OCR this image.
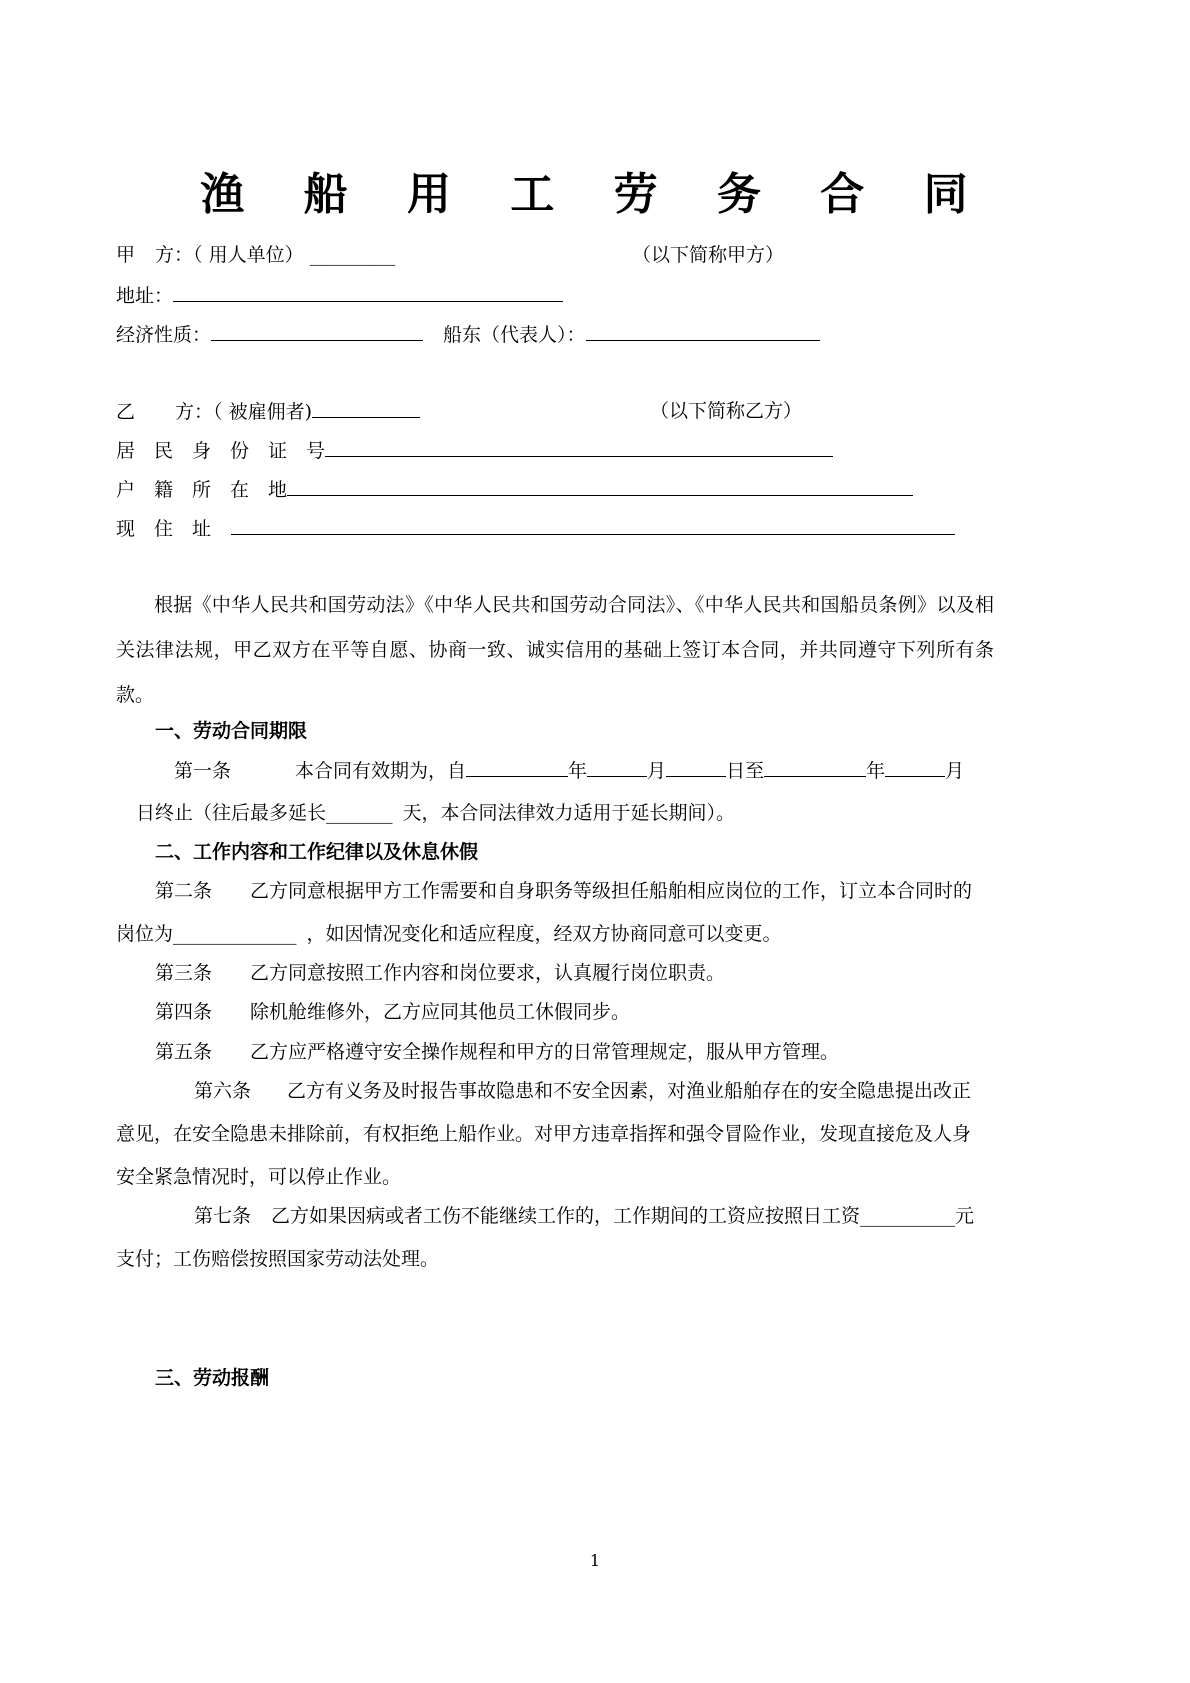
渔 船 用 工 劳 务 合 同
甲 方：（ 用人单位） _________	（以下简称甲方）
地址：
经济性质：	船东（代表人）：
乙 方：（ 被雇佣者)	（以下简称乙方）
居　民　身　份　证　号
户　籍　所　在　地
现　住　址
根据《中华人民共和国劳动法》《中华人民共和国劳动合同法》、《中华人民共和国船员条例》以及相关法律法规，甲乙双方在平等自愿、协商一致、诚实信用的基础上签订本合同，并共同遵守下列所有条款。
一、劳动合同期限
第一条	本合同有效期为，自	年	月	日至	年	月
日终止（往后最多延长_______ 天，本合同法律效力适用于延长期间）。
二、工作内容和工作纪律以及休息休假
第二条 乙方同意根据甲方工作需要和自身职务等级担任船舶相应岗位的工作，订立本合同时的
岗位为_____________ ，如因情况变化和适应程度，经双方协商同意可以变更。
第三条 乙方同意按照工作内容和岗位要求，认真履行岗位职责。
第四条 除机舱维修外，乙方应同其他员工休假同步。
第五条 乙方应严格遵守安全操作规程和甲方的日常管理规定，服从甲方管理。
第六条 乙方有义务及时报告事故隐患和不安全因素，对渔业船舶存在的安全隐患提出改正
意见，在安全隐患未排除前，有权拒绝上船作业。对甲方违章指挥和强令冒险作业，发现直接危及人身
安全紧急情况时，可以停止作业。
第七条 乙方如果因病或者工伤不能继续工作的，工作期间的工资应按照日工资__________元
支付；工伤赔偿按照国家劳动法处理。
三、劳动报酬
1
